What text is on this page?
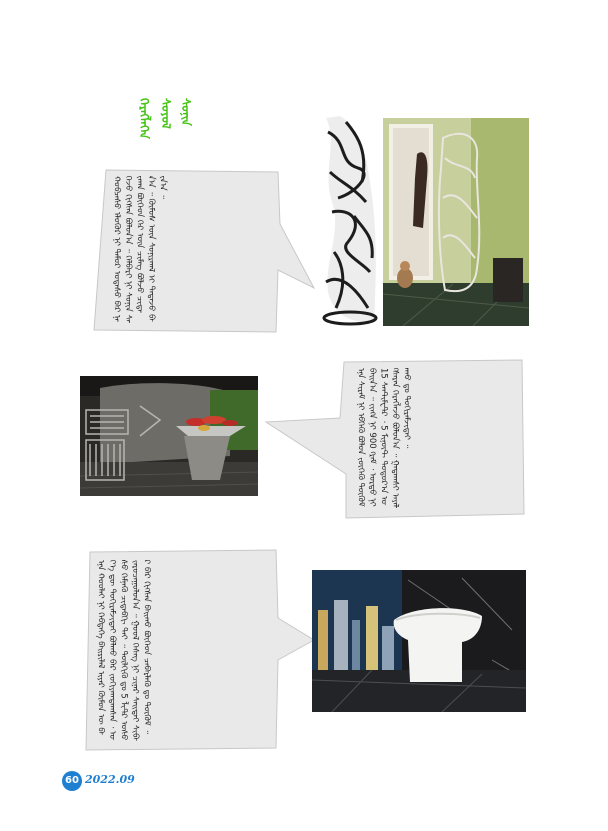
ᠬᠡᠷᠡᠭᠯᠡᠭᠡᠨ ᠰᠣᠶᠣᠯ ᠰᠣᠨᠢᠨ
ᠬᠤᠪᠴᠠᠰᠤ ᠡᠯᠦᠭᠦᠷ ᠨᠢ ᠲᠡᠮᠦᠷ ᠤᠲᠠᠰᠤ ᠪᠠᠷ ᠨᠡᠬᠡᠵᠦ ᠬᠢᠭᠰᠡᠨ ᠪᠣᠯᠤᠨ᠎ᠠ ᠃ ᠬᠡᠯᠪᠡᠷᠢ ᠨᠢ ᠰᠣᠨᠢᠨ ᠰᠠᠢᠬᠠᠨ ᠪᠥᠭᠡᠳ ᠭᠡᠷ ᠦᠨ ᠴᠢᠮᠡᠭ ᠪᠣᠯᠵᠤ ᠴᠢᠳᠠᠨ᠎ᠠ ᠃ ᠬᠦᠮᠦᠰ ᠦᠨ ᠰᠣᠨᠢᠷᠬᠠᠯ ᠢ ᠲᠠᠲᠠᠵᠤ ᠪᠠᠢᠨ᠎ᠠ ᠃
ᠡᠨᠡ ᠰᠢᠷᠠᠮ ᠨᠢ ᠡᠪᠬᠡᠬᠦ ᠪᠣᠯᠤᠨ ᠵᠥᠭᠡᠬᠦ ᠳᠥᠬᠦᠮ ᠪᠠᠢᠨ᠎ᠠ ᠃ ᠵᠢᠩᠨ ᠨᠢ 900 ᠭᠷᠠᠮ ᠂ ᠤᠷᠲᠤ ᠨᠢ 15 ᠰᠠᠨᠲ᠋ᠢᠮᠧᠲ᠋ᠷ ᠂ 5 ᠮᠢᠨᠦ᠋ᠲ ᠳᠣᠲᠣᠷ᠎ᠠ ᠤᠭᠰᠠᠷᠠᠨ ᠬᠡᠷᠡᠭᠯᠡᠵᠦ ᠪᠣᠯᠤᠨ᠎ᠠ ᠃ ᠭᠠᠳᠠᠭᠰᠢ ᠠᠶᠠᠯᠠᠬᠤ ᠳᠤ ᠲᠣᠬᠢᠷᠠᠮᠵᠢᠲᠠᠢ ᠃
ᠡᠨᠡ ᠬᠣᠣᠯᠠᠢ ᠨᠢ ᠬᠡᠪᠲᠡᠭᠡ ᠪᠠᠢᠷᠢᠯᠠᠯ ᠢᠶᠠᠷ ᠬᠦᠮᠦᠨ ᠦ ᠪᠡᠶ᠎ᠡ ᠳᠦ ᠲᠣᠬᠢᠷᠠᠮᠵᠢᠲᠠᠢ ᠪᠣᠯᠬᠤ ᠪᠠᠷ ᠵᠣᠬᠢᠶᠠᠭᠳᠠᠭᠰᠠᠨ ᠂ ᠤᠰᠤ ᠬᠡᠮᠨᠡᠬᠦ ᠴᠢᠳᠠᠪᠬᠢ ᠲᠠᠢ ᠃ ᠲᠦᠯᠬᠢᠬᠦ ᠳᠤ 5 ᠯᠢᠲ᠋ᠷ ᠤᠰᠤ ᠵᠠᠷᠤᠴᠠᠭᠤᠯᠤᠨ᠎ᠠ ᠃ ᠭᠣᠣᠯ ᠬᠡᠰᠡᠭ ᠨᠢ ᠴᠢᠨᠠᠷ ᠰᠠᠢᠲᠠᠢ ᠰᠢᠪᠠᠷ ᠪᠠᠷ ᠬᠢᠭᠰᠡᠨ ᠪᠠᠢᠬᠤ ᠪᠥᠭᠡᠳ ᠴᠡᠪᠡᠷᠯᠡᠬᠦ ᠳᠤ ᠳᠥᠭᠥᠮ ᠃
60 2022.09
